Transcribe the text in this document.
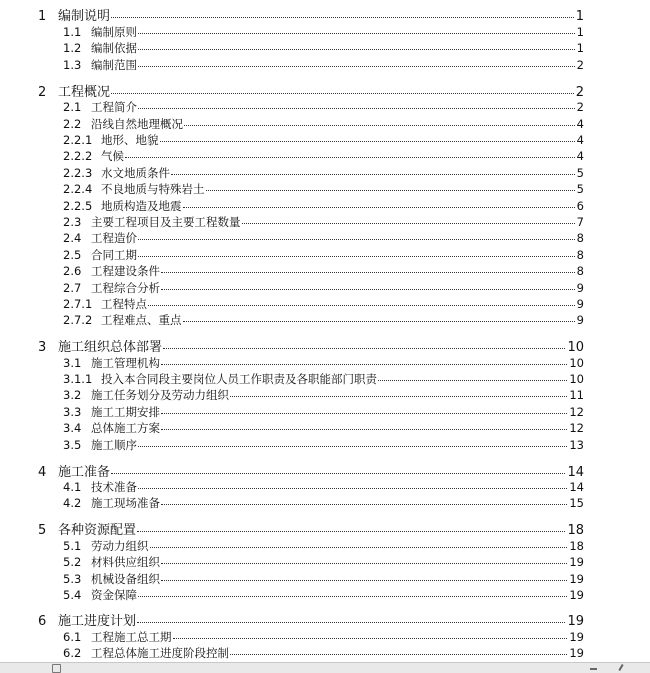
1 编制说明	1
1.1 编制原则	1
1.2 编制依据	1
1.3 编制范围	2
2 工程概况	2
2.1 工程简介	2
2.2 沿线自然地理概况	4
2.2.1 地形、地貌	4
2.2.2 气候	4
2.2.3 水文地质条件	5
2.2.4 不良地质与特殊岩土	5
2.2.5 地质构造及地震	6
2.3 主要工程项目及主要工程数量	7
2.4 工程造价	8
2.5 合同工期	8
2.6 工程建设条件	8
2.7 工程综合分析	9
2.7.1 工程特点	9
2.7.2 工程难点、重点	9
3 施工组织总体部署	10
3.1 施工管理机构	10
3.1.1 投入本合同段主要岗位人员工作职责及各职能部门职责	10
3.2 施工任务划分及劳动力组织	11
3.3 施工工期安排	12
3.4 总体施工方案	12
3.5 施工顺序	13
4 施工准备	14
4.1 技术准备	14
4.2 施工现场准备	15
5 各种资源配置	18
5.1 劳动力组织	18
5.2 材料供应组织	19
5.3 机械设备组织	19
5.4 资金保障	19
6 施工进度计划	19
6.1 工程施工总工期	19
6.2 工程总体施工进度阶段控制	19
